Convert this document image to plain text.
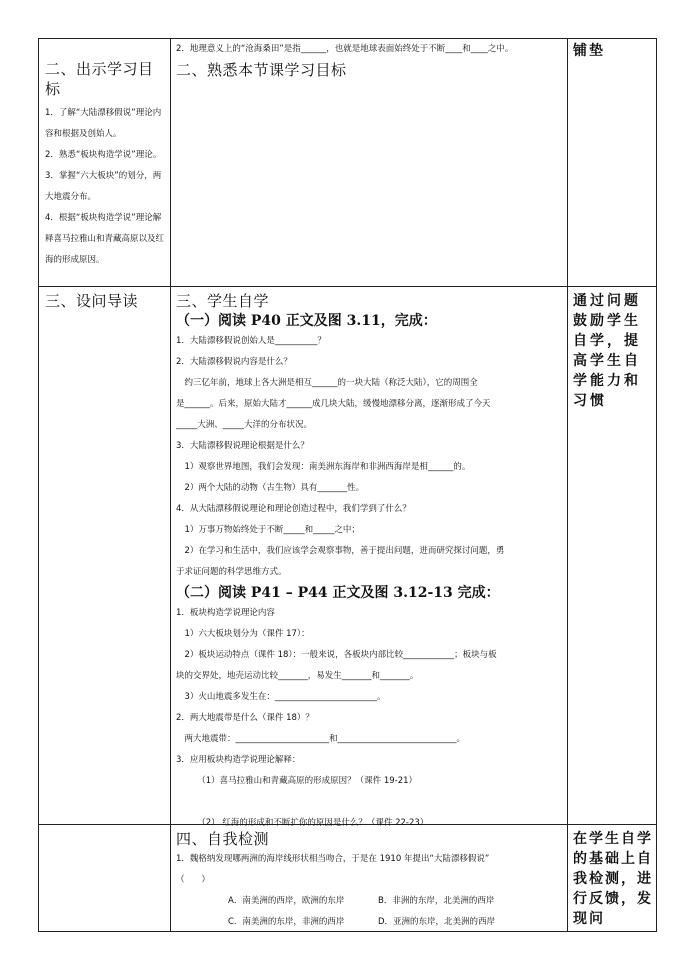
二、出示学习目标
1．了解“大陆漂移假说”理论内容和根据及创始人。
2．熟悉“板块构造学说”理论。
3．掌握“六大板块”的划分，两大地震分布。
4．根据“板块构造学说”理论解释喜马拉雅山和青藏高原以及红海的形成原因。
三、设问导读
2．地理意义上的“沧海桑田”是指______，也就是地球表面始终处于不断____和____之中。
二、熟悉本节课学习目标
三、学生自学
（一）阅读 P40 正文及图 3.11，完成：
1．大陆漂移假说创始人是__________？
2．大陆漂移假说内容是什么？
　约三亿年前，地球上各大洲是相互______的一块大陆（称泛大陆），它的周围全
是______。后来，原始大陆才______成几块大陆，缓慢地漂移分离，逐渐形成了今天
_____大洲、_____大洋的分布状况。
3．大陆漂移假说理论根据是什么？
　1）观察世界地图，我们会发现：南美洲东海岸和非洲西海岸是相______的。
　2）两个大陆的动物（古生物）具有_______性。
4．从大陆漂移假说理论和理论创造过程中，我们学到了什么？
　1）万事万物始终处于不断_____和_____之中；
　2）在学习和生活中，我们应该学会观察事物，善于提出问题，进而研究探讨问题，勇
于求证问题的科学思维方式。
（二）阅读 P41 – P44 正文及图 3.12-13 完成：
1．板块构造学说理论内容
　1）六大板块划分为（课件 17）：
　2）板块运动特点（课件 18）：一般来说，各板块内部比较____________；板块与板
块的交界处，地壳运动比较_______，易发生_______和_______。
　3）火山地震多发生在：________________________。
2．两大地震带是什么（课件 18）？
　两大地震带：______________________和____________________________。
3．应用板块构造学说理论解释：
　　　（1）喜马拉雅山和青藏高原的形成原因？（课件 19-21）
　　　（2） 红海的形成和不断扩你的原因是什么？（课件 22-23）
四、自我检测
1．魏格纳发现哪两洲的海岸线形状相当吻合，于是在 1910 年提出“大陆漂移假说”
（　　）
A．南美洲的西岸，欧洲的东岸	B．非洲的东岸，北美洲的西岸
C．南美洲的东岸，非洲的西岸	D．亚洲的东岸，北美洲的西岸
铺垫
通过问题鼓励学生自学，提高学生自学能力和习惯
在学生自学的基础上自我检测，进行反馈，发现问
